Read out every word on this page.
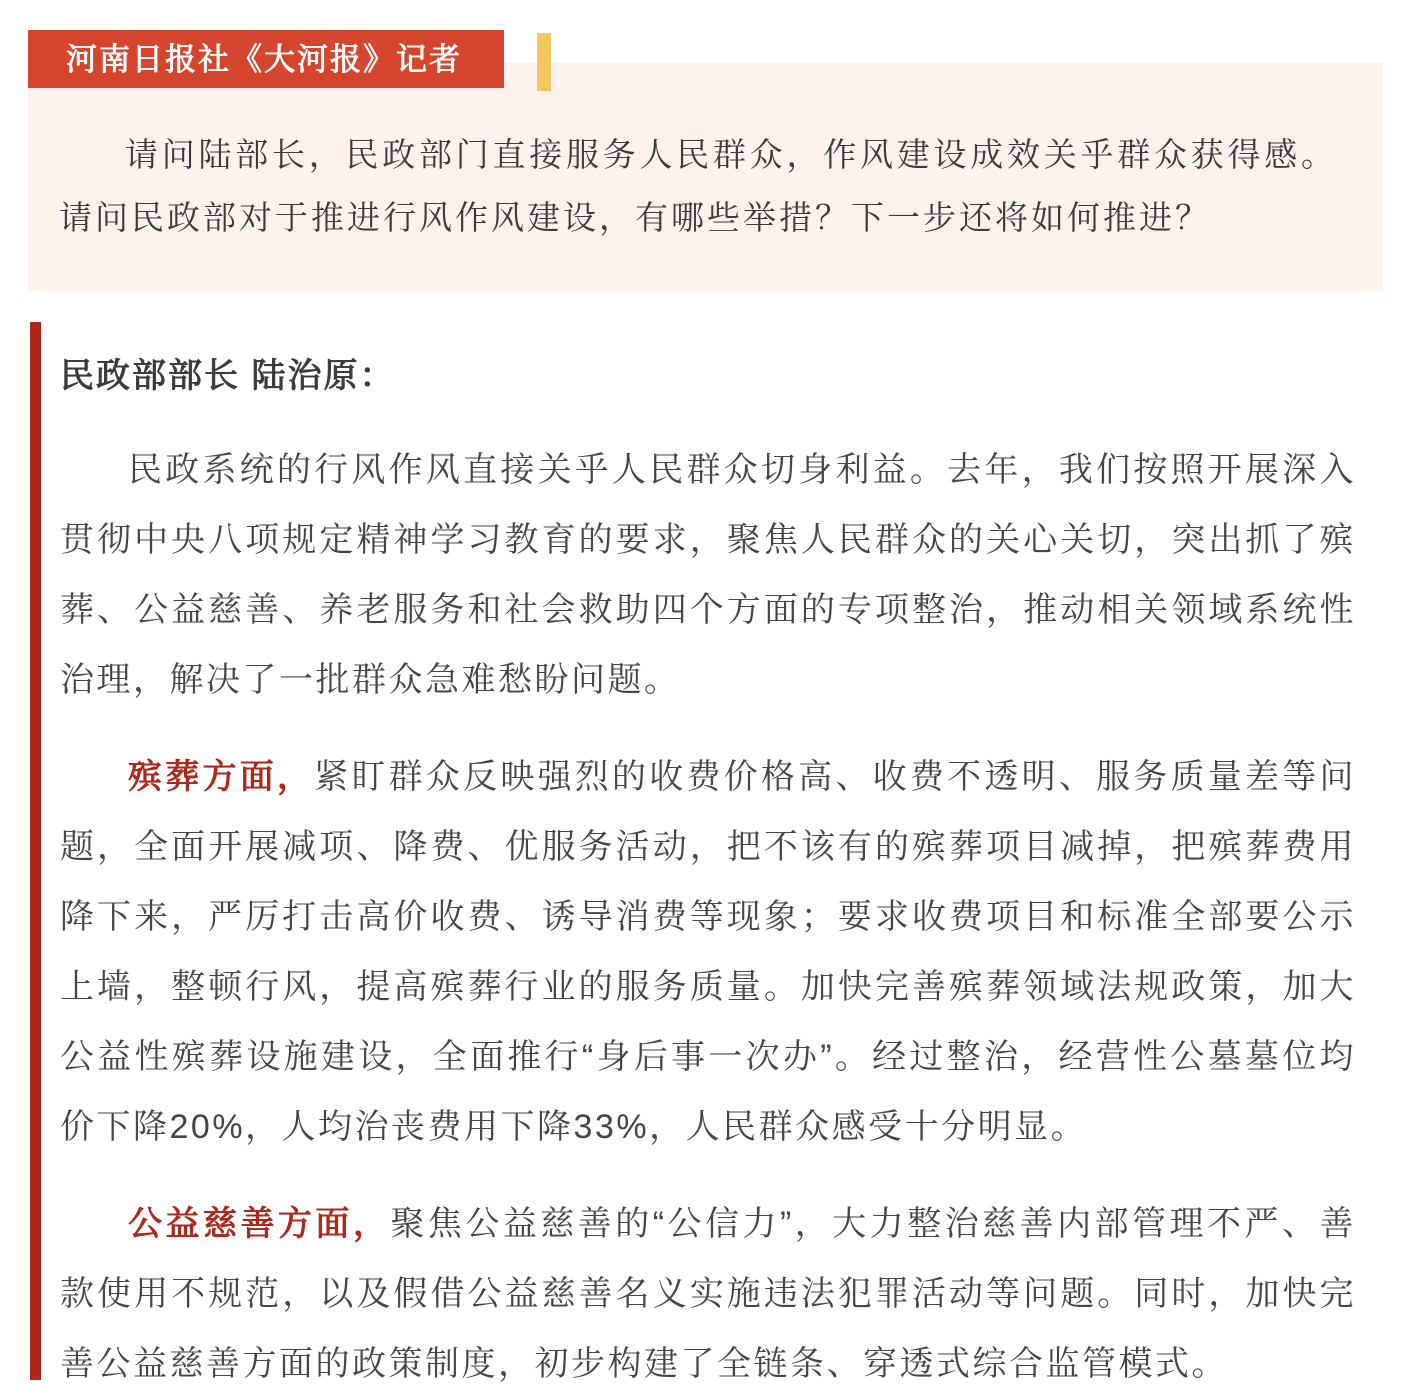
河南日报社《大河报》记者

请问陆部长，民政部门直接服务人民群众，作风建设成效关乎群众获得感。请问民政部对于推进行风作风建设，有哪些举措？下一步还将如何推进？

民政部部长 陆治原：

民政系统的行风作风直接关乎人民群众切身利益。去年，我们按照开展深入贯彻中央八项规定精神学习教育的要求，聚焦人民群众的关心关切，突出抓了殡葬、公益慈善、养老服务和社会救助四个方面的专项整治，推动相关领域系统性治理，解决了一批群众急难愁盼问题。

殡葬方面，紧盯群众反映强烈的收费价格高、收费不透明、服务质量差等问题，全面开展减项、降费、优服务活动，把不该有的殡葬项目减掉，把殡葬费用降下来，严厉打击高价收费、诱导消费等现象；要求收费项目和标准全部要公示上墙，整顿行风，提高殡葬行业的服务质量。加快完善殡葬领域法规政策，加大公益性殡葬设施建设，全面推行“身后事一次办”。经过整治，经营性公墓墓位均价下降20%，人均治丧费用下降33%，人民群众感受十分明显。

公益慈善方面，聚焦公益慈善的“公信力”，大力整治慈善内部管理不严、善款使用不规范，以及假借公益慈善名义实施违法犯罪活动等问题。同时，加快完善公益慈善方面的政策制度，初步构建了全链条、穿透式综合监管模式。
